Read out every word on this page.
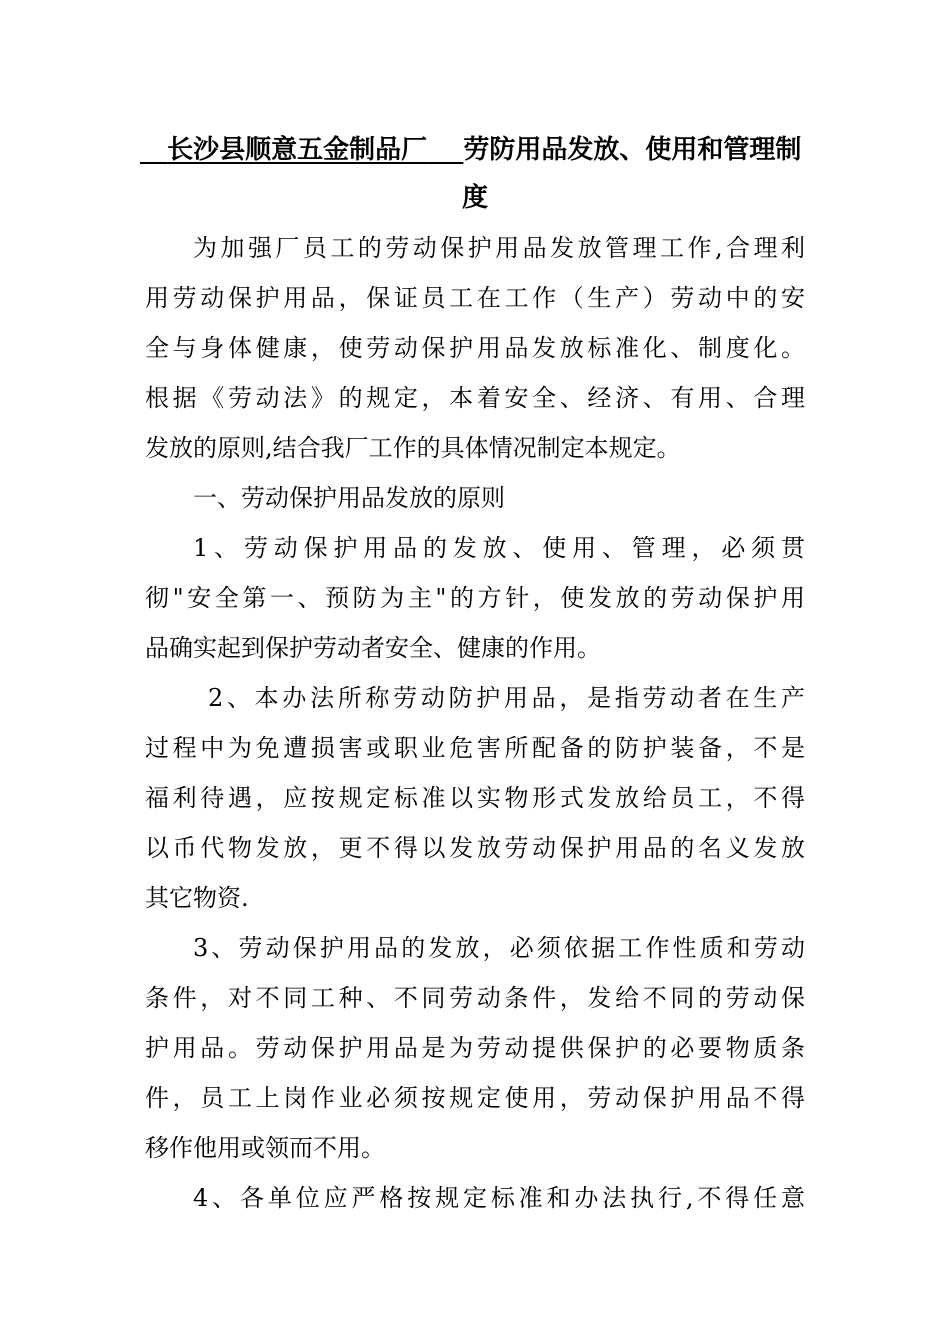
长沙县顺意五金制品厂 劳防用品发放、使用和管理制
度
为加强厂员工的劳动保护用品发放管理工作,合理利
用劳动保护用品，保证员工在工作（生产）劳动中的安
全与身体健康，使劳动保护用品发放标准化、制度化。
根据《劳动法》的规定，本着安全、经济、有用、合理
发放的原则,结合我厂工作的具体情况制定本规定。
一、劳动保护用品发放的原则
1、劳动保护用品的发放、使用、管理，必须贯
彻"安全第一、预防为主"的方针，使发放的劳动保护用
品确实起到保护劳动者安全、健康的作用。
2、本办法所称劳动防护用品，是指劳动者在生产
过程中为免遭损害或职业危害所配备的防护装备，不是
福利待遇，应按规定标准以实物形式发放给员工，不得
以币代物发放，更不得以发放劳动保护用品的名义发放
其它物资.
3、劳动保护用品的发放，必须依据工作性质和劳动
条件，对不同工种、不同劳动条件，发给不同的劳动保
护用品。劳动保护用品是为劳动提供保护的必要物质条
件，员工上岗作业必须按规定使用，劳动保护用品不得
移作他用或领而不用。
4、各单位应严格按规定标准和办法执行,不得任意
